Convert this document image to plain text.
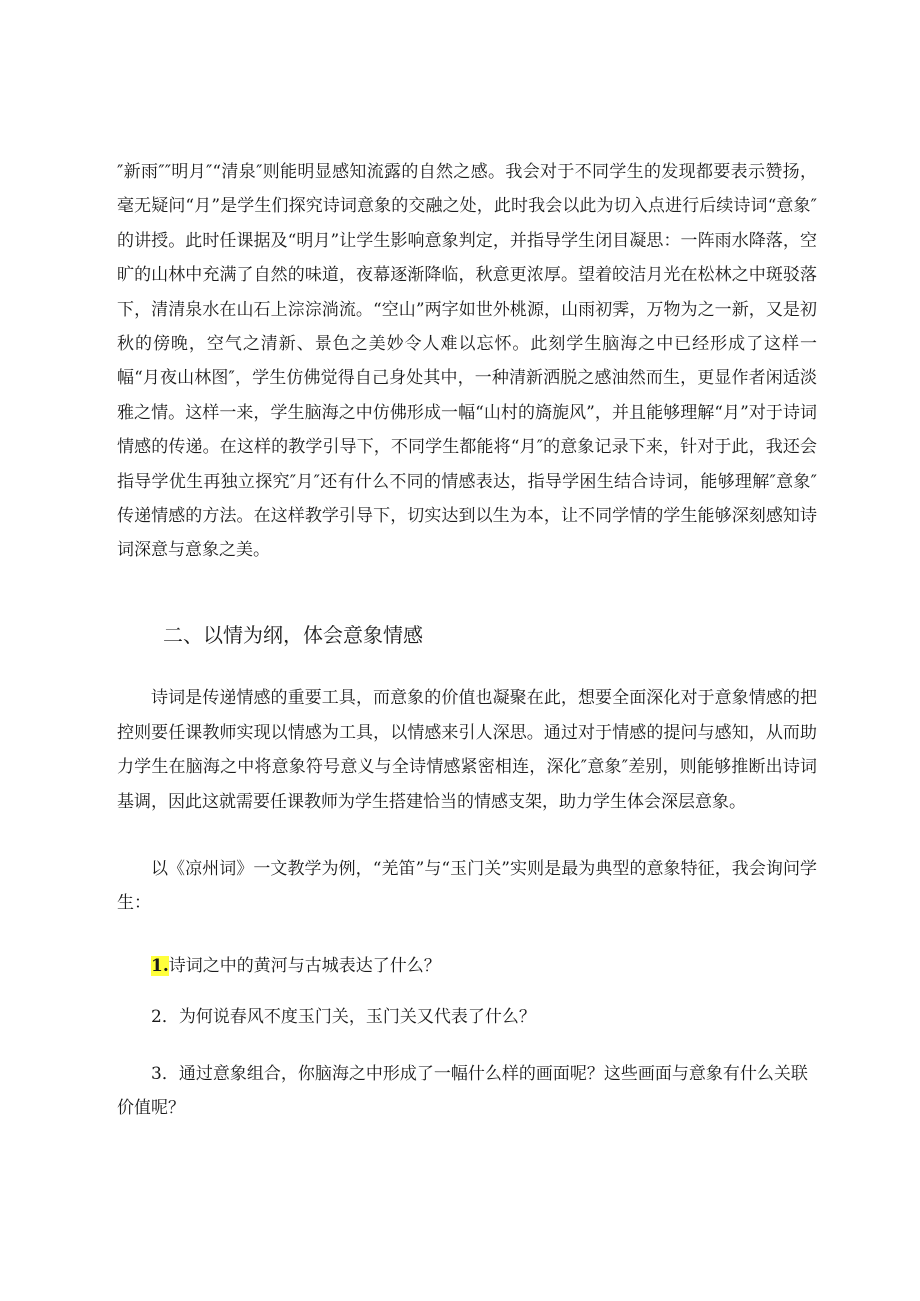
″新雨″″明月″“清泉″则能明显感知流露的自然之感。我会对于不同学生的发现都要表示赞扬，毫无疑问“月”是学生们探究诗词意象的交融之处，此时我会以此为切入点进行后续诗词“意象″的讲授。此时任课据及“明月”让学生影响意象判定，并指导学生闭目凝思：一阵雨水降落，空旷的山林中充满了自然的味道，夜幕逐渐降临，秋意更浓厚。望着皎洁月光在松林之中斑驳落下，清清泉水在山石上淙淙淌流。“空山”两字如世外桃源，山雨初霁，万物为之一新，又是初秋的傍晚，空气之清新、景色之美妙令人难以忘怀。此刻学生脑海之中已经形成了这样一幅“月夜山林图″，学生仿佛觉得自己身处其中，一种清新洒脱之感油然而生，更显作者闲适淡雅之情。这样一来，学生脑海之中仿佛形成一幅“山村的旖旎风”，并且能够理解“月”对于诗词情感的传递。在这样的教学引导下，不同学生都能将“月″的意象记录下来，针对于此，我还会指导学优生再独立探究″月″还有什么不同的情感表达，指导学困生结合诗词，能够理解″意象″传递情感的方法。在这样教学引导下，切实达到以生为本，让不同学情的学生能够深刻感知诗词深意与意象之美。

二、以情为纲，体会意象情感

诗词是传递情感的重要工具，而意象的价值也凝聚在此，想要全面深化对于意象情感的把控则要任课教师实现以情感为工具，以情感来引人深思。通过对于情感的提问与感知，从而助力学生在脑海之中将意象符号意义与全诗情感紧密相连，深化″意象″差别，则能够推断出诗词基调，因此这就需要任课教师为学生搭建恰当的情感支架，助力学生体会深层意象。

以《凉州词》一文教学为例，“羌笛”与“玉门关”实则是最为典型的意象特征，我会询问学生：

1.诗词之中的黄河与古城表达了什么？

2．为何说春风不度玉门关，玉门关又代表了什么？

3．通过意象组合，你脑海之中形成了一幅什么样的画面呢？这些画面与意象有什么关联价值呢？
